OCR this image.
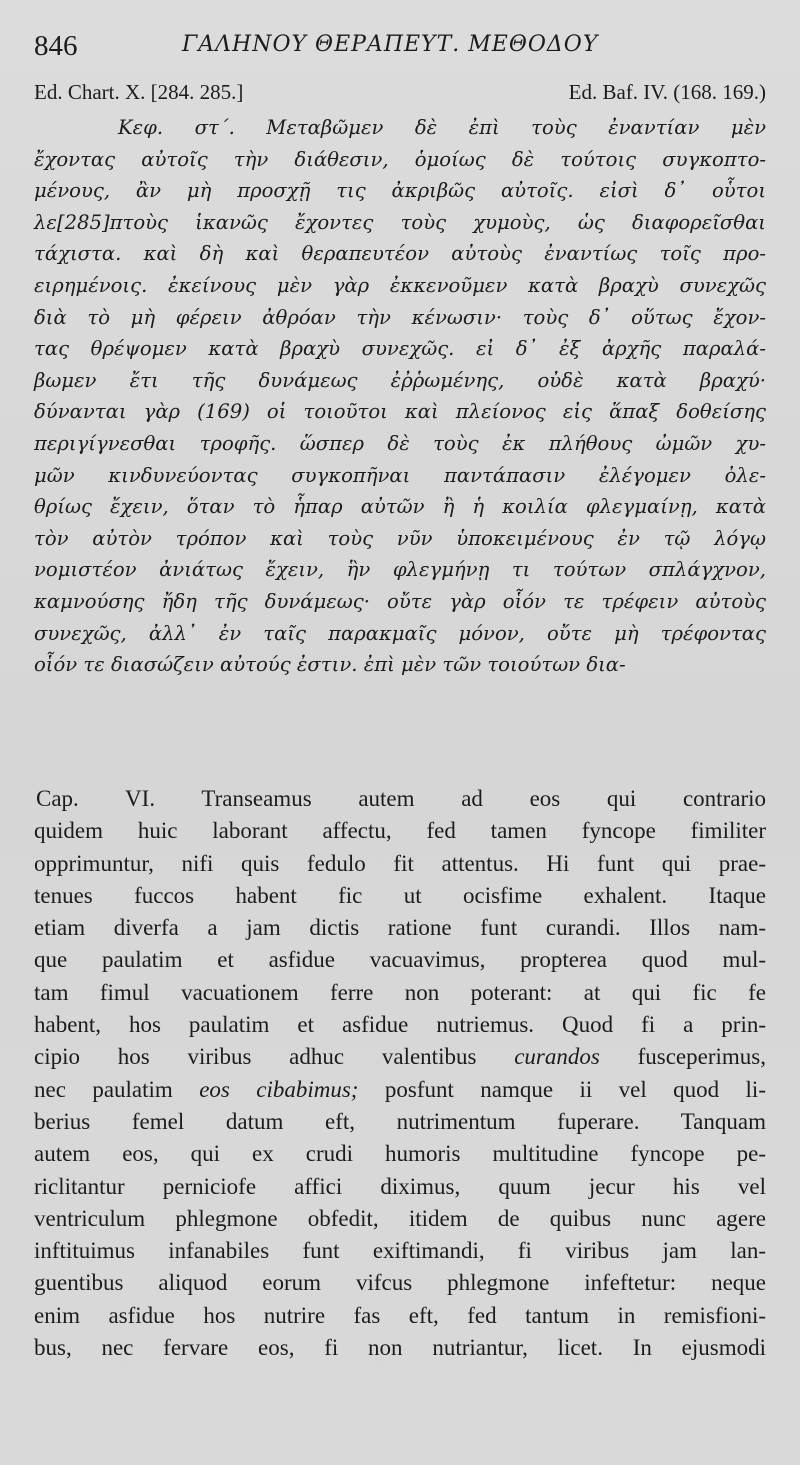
846	ΓΑΛΗΝΟΥ ΘΕΡΑΠΕΥΤ. ΜΕΘΟΔΟΥ
Ed. Chart. X. [284. 285.]	Ed. Baf. IV. (168. 169.)
Κεφ. στ΄. Μεταβῶμεν δὲ ἐπὶ τοὺς ἐναντίαν μὲν
ἔχοντας αὐτοῖς τὴν διάθεσιν, ὁμοίως δὲ τούτοις συγκοπτο-
μένους, ἂν μὴ προσχῇ τις ἀκριβῶς αὐτοῖς. εἰσὶ δ᾽ οὗτοι
λε[285]πτοὺς ἱκανῶς ἔχοντες τοὺς χυμοὺς, ὡς διαφορεῖσθαι
τάχιστα. καὶ δὴ καὶ θεραπευτέον αὐτοὺς ἐναντίως τοῖς προ-
ειρημένοις. ἐκείνους μὲν γὰρ ἐκκενοῦμεν κατὰ βραχὺ συνεχῶς
διὰ τὸ μὴ φέρειν ἀθρόαν τὴν κένωσιν· τοὺς δ᾽ οὕτως ἔχον-
τας θρέψομεν κατὰ βραχὺ συνεχῶς. εἰ δ᾽ ἐξ ἀρχῆς παραλά-
βωμεν ἔτι τῆς δυνάμεως ἐῤῥωμένης, οὐδὲ κατὰ βραχύ·
δύνανται γὰρ (169) οἱ τοιοῦτοι καὶ πλείονος εἰς ἅπαξ δοθείσης
περιγίγνεσθαι τροφῆς. ὥσπερ δὲ τοὺς ἐκ πλήθους ὠμῶν χυ-
μῶν κινδυνεύοντας συγκοπῆναι παντάπασιν ἐλέγομεν ὀλε-
θρίως ἔχειν, ὅταν τὸ ἧπαρ αὐτῶν ἢ ἡ κοιλία φλεγμαίνῃ, κατὰ
τὸν αὐτὸν τρόπον καὶ τοὺς νῦν ὑποκειμένους ἐν τῷ λόγῳ
νομιστέον ἀνιάτως ἔχειν, ἣν φλεγμήνῃ τι τούτων σπλάγχνον,
καμνούσης ἤδη τῆς δυνάμεως· οὔτε γὰρ οἷόν τε τρέφειν αὐτοὺς
συνεχῶς, ἀλλ᾽ ἐν ταῖς παρακμαῖς μόνον, οὔτε μὴ τρέφοντας
οἷόν τε διασώζειν αὐτούς ἐστιν. ἐπὶ μὲν τῶν τοιούτων δια-
Cap. VI. Transeamus autem ad eos qui contrario
quidem huic laborant affectu, fed tamen fyncope fimiliter
opprimuntur, nifi quis fedulo fit attentus. Hi funt qui prae-
tenues fuccos habent fic ut ocisfime exhalent. Itaque
etiam diverfa a jam dictis ratione funt curandi. Illos nam-
que paulatim et asfidue vacuavimus, propterea quod mul-
tam fimul vacuationem ferre non poterant: at qui fic fe
habent, hos paulatim et asfidue nutriemus. Quod fi a prin-
cipio hos viribus adhuc valentibus curandos fusceperimus,
nec paulatim eos cibabimus; posfunt namque ii vel quod li-
berius femel datum eft, nutrimentum fuperare. Tanquam
autem eos, qui ex crudi humoris multitudine fyncope pe-
riclitantur perniciofe affici diximus, quum jecur his vel
ventriculum phlegmone obfedit, itidem de quibus nunc agere
inftituimus infanabiles funt exiftimandi, fi viribus jam lan-
guentibus aliquod eorum vifcus phlegmone infeftetur: neque
enim asfidue hos nutrire fas eft, fed tantum in remisfioni-
bus, nec fervare eos, fi non nutriantur, licet. In ejusmodi
